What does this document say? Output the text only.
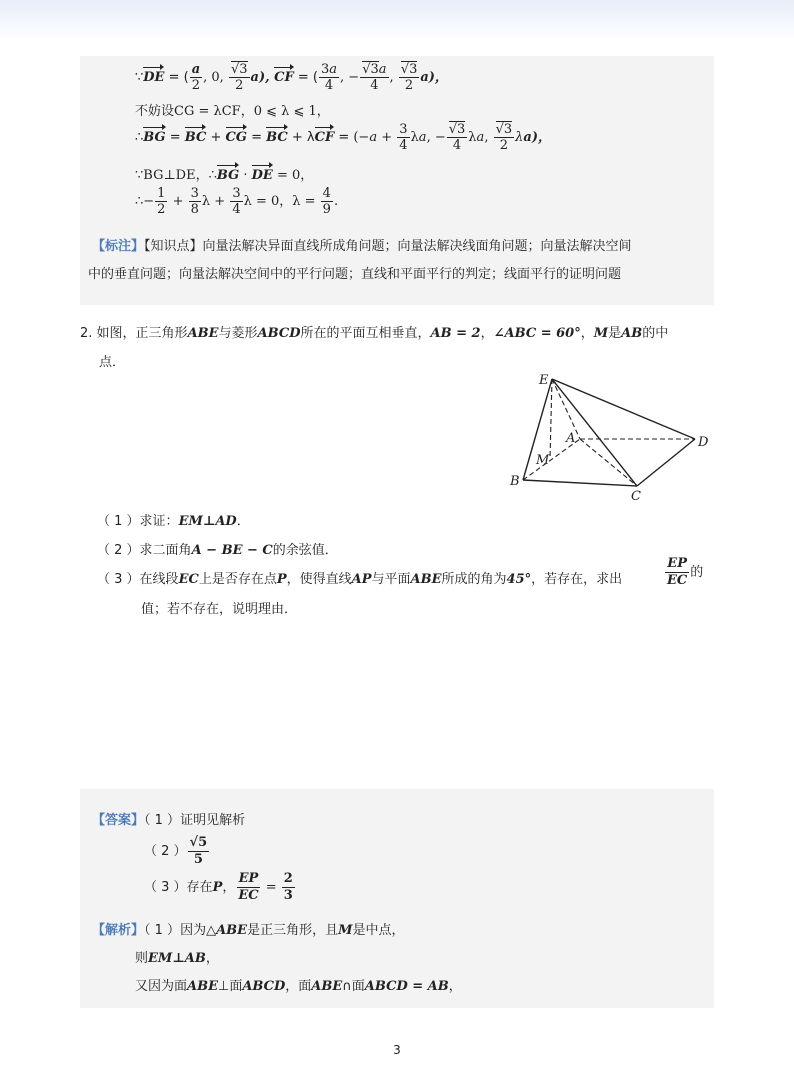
∵DE = ( $\frac{a}{2}$ , 0, $\frac{√3}{2} a$), CF = ( $\frac{3a}{4}$ , − $\frac{√3a}{4}$ , $\frac{√3}{2} a$)，
不妨设CG = λCF，0 ⩽ λ ⩽ 1，
∴BG = BC + CG = BC + $\lambda CF = (-a + \frac{3}{4} \lambda a$, − $\frac{√3}{4} \lambda a$, $\frac{√3}{2} \lambda a$)，
∵BG⊥DE，∴BG · DE = 0，
∴− $\frac{1}{2} + \frac{3}{8}$ $\lambda + \frac{3}{4}$ λ = 0，$\lambda = \frac{4}{9}$ .
【标注】【知识点】向量法解决异面直线所成角问题；向量法解决线面角问题；向量法解决空间
中的垂直问题；向量法解决空间中的平行问题；直线和平面平行的判定；线面平行的证明问题
2. 如图，正三角形ABE与菱形ABCD所在的平面互相垂直，AB = 2，∠ABC = 60°，M是AB的中
点．
E
A	D
M
B
C
（ 1 ）求证：EM⊥AD．
（ 2 ）求二面角A − BE − C的余弦值．
（ 3 ）在线段EC上是否存在点P，使得直线AP与平面ABE所成的角为45°，若存在，求出	$\frac{EP}{EC}$ 的
值；若不存在，说明理由．
【答案】（ 1 ）证明见解析
（ 2 ） $\frac{√5}{5}$
（ 3 ）存在P， $\frac{EP}{EC} = \frac{2}{3}$
【解析】（ 1 ）因为△ABE是正三角形，且M是中点，
则EM⊥AB，
又因为面ABE⊥面ABCD，面ABE∩面ABCD = AB，
3
